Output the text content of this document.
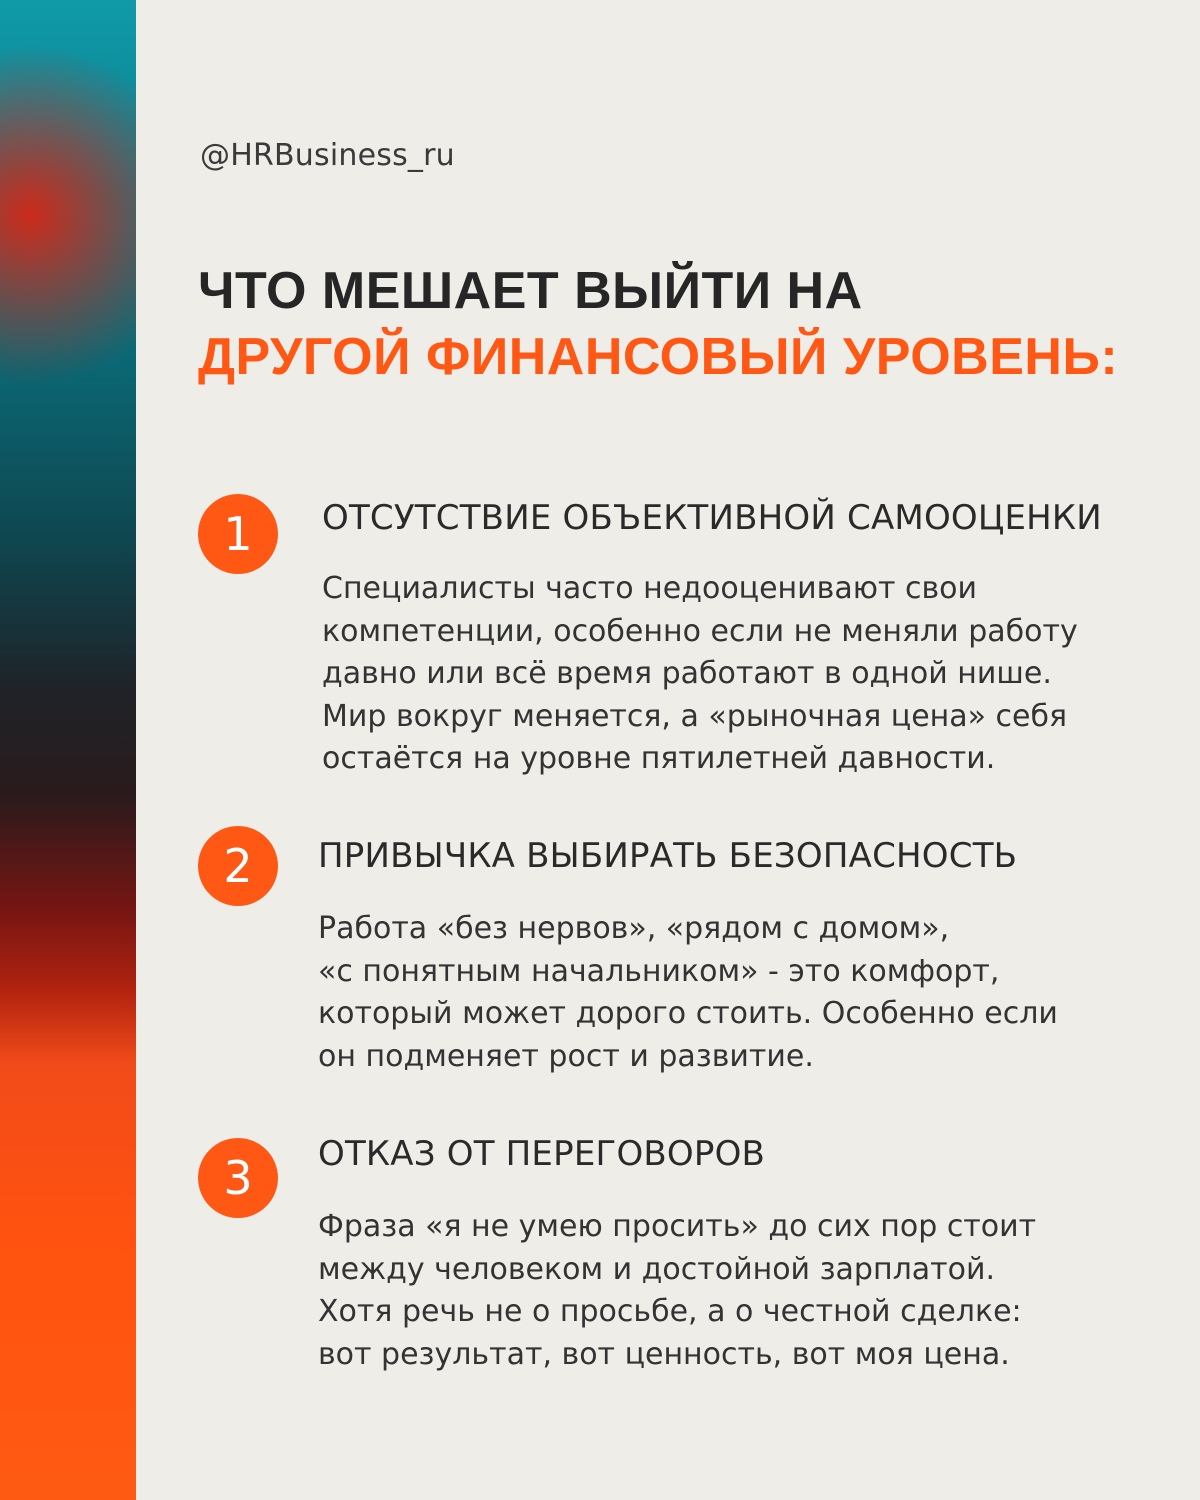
@HRBusiness_ru
ЧТО МЕШАЕТ ВЫЙТИ НА
ДРУГОЙ ФИНАНСОВЫЙ УРОВЕНЬ:
1	ОТСУТСТВИЕ ОБЪЕКТИВНОЙ САМООЦЕНКИ
Специалисты часто недооценивают свои
компетенции, особенно если не меняли работу
давно или всё время работают в одной нише.
Мир вокруг меняется, а «рыночная цена» себя
остаётся на уровне пятилетней давности.
2	ПРИВЫЧКА ВЫБИРАТЬ БЕЗОПАСНОСТЬ
Работа «без нервов», «рядом с домом»,
«с понятным начальником» - это комфорт,
который может дорого стоить. Особенно если
он подменяет рост и развитие.
3	ОТКАЗ ОТ ПЕРЕГОВОРОВ
Фраза «я не умею просить» до сих пор стоит
между человеком и достойной зарплатой.
Хотя речь не о просьбе, а о честной сделке:
вот результат, вот ценность, вот моя цена.
